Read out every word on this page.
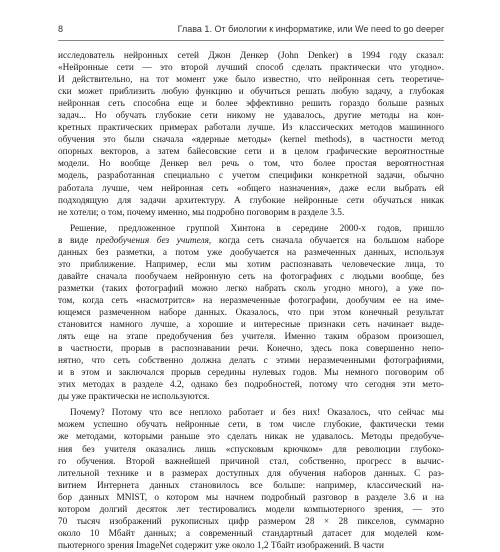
8	Глава 1. От биологии к информатике, или We need to go deeper
исследователь нейронных сетей Джон Денкер (John Denker) в 1994 году сказал:
«Нейронные сети — это второй лучший способ сделать практически что угодно».
И действительно, на тот момент уже было известно, что нейронная сеть теоретиче-
ски может приблизить любую функцию и обучиться решать любую задачу, а глубокая
нейронная сеть способна еще и более эффективно решить гораздо больше разных
задач... Но обучать глубокие сети никому не удавалось, другие методы на кон-
кретных практических примерах работали лучше. Из классических методов машинного
обучения это были сначала «ядерные методы» (kernel methods), в частности метод
опорных векторов, а затем байесовские сети и в целом графические вероятностные
модели. Но вообще Денкер вел речь о том, что более простая вероятностная
модель, разработанная специально с учетом специфики конкретной задачи, обычно
работала лучше, чем нейронная сеть «общего назначения», даже если выбрать ей
подходящую для задачи архитектуру. А глубокие нейронные сети обучаться никак
не хотели; о том, почему именно, мы подробно поговорим в разделе 3.5.
Решение, предложенное группой Хинтона в середине 2000-х годов, пришло
в виде предобучения без учителя, когда сеть сначала обучается на большом наборе
данных без разметки, а потом уже дообучается на размеченных данных, используя
это приближение. Например, если мы хотим распознавать человеческие лица, то
давайте сначала пообучаем нейронную сеть на фотографиях с людьми вообще, без
разметки (таких фотографий можно легко набрать сколь угодно много), а уже по-
том, когда сеть «насмотрится» на неразмеченные фотографии, дообучим ее на име-
ющемся размеченном наборе данных. Оказалось, что при этом конечный результат
становится намного лучше, а хорошие и интересные признаки сеть начинает выде-
лять еще на этапе предобучения без учителя. Именно таким образом произошел,
в частности, прорыв в распознавании речи. Конечно, здесь пока совершенно непо-
нятно, что сеть собственно должна делать с этими неразмеченными фотографиями,
и в этом и заключался прорыв середины нулевых годов. Мы немного поговорим об
этих методах в разделе 4.2, однако без подробностей, потому что сегодня эти мето-
ды уже практически не используются.
Почему? Потому что все неплохо работает и без них! Оказалось, что сейчас мы
можем успешно обучать нейронные сети, в том числе глубокие, фактически теми
же методами, которыми раньше это сделать никак не удавалось. Методы предобуче-
ния без учителя оказались лишь «спусковым крючком» для революции глубоко-
го обучения. Второй важнейшей причиной стал, собственно, прогресс в вычис-
лительной технике и в размерах доступных для обучения наборов данных. С раз-
витием Интернета данных становилось все больше: например, классический на-
бор данных MNIST, о котором мы начнем подробный разговор в разделе 3.6 и на
котором долгий десяток лет тестировались модели компьютерного зрения, — это
70 тысяч изображений рукописных цифр размером 28 × 28 пикселов, суммарно
около 10 Мбайт данных; а современный стандартный датасет для моделей ком-
пьютерного зрения ImageNet содержит уже около 1,2 Тбайт изображений. В части
